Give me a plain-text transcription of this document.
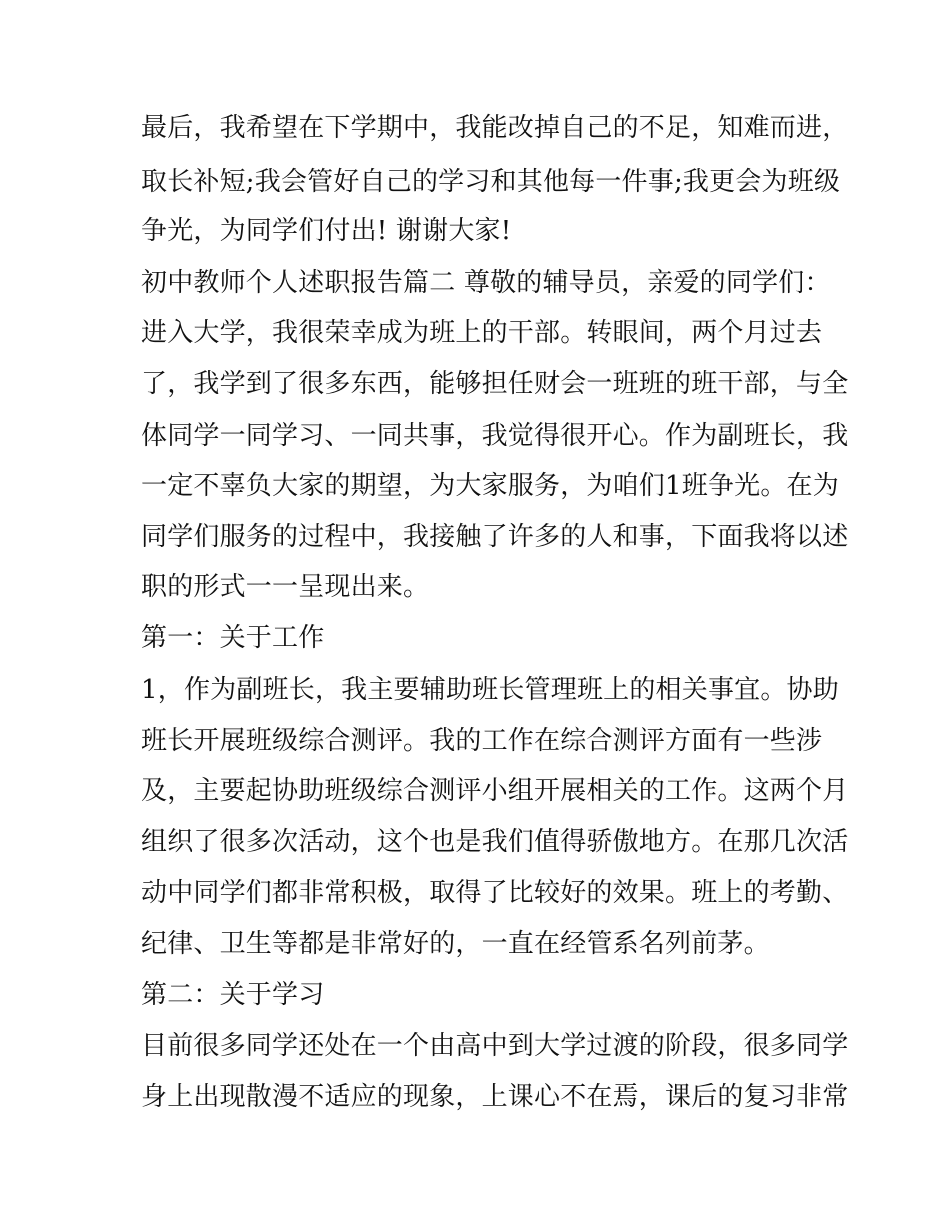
最后，我希望在下学期中，我能改掉自己的不足，知难而进，
取长补短;我会管好自己的学习和其他每一件事;我更会为班级
争光，为同学们付出! 谢谢大家!
初中教师个人述职报告篇二 尊敬的辅导员，亲爱的同学们：
进入大学，我很荣幸成为班上的干部。转眼间，两个月过去
了，我学到了很多东西，能够担任财会一班班的班干部，与全
体同学一同学习、一同共事，我觉得很开心。作为副班长，我
一定不辜负大家的期望，为大家服务，为咱们1班争光。在为
同学们服务的过程中，我接触了许多的人和事，下面我将以述
职的形式一一呈现出来。
第一：关于工作
1，作为副班长，我主要辅助班长管理班上的相关事宜。协助
班长开展班级综合测评。我的工作在综合测评方面有一些涉
及，主要起协助班级综合测评小组开展相关的工作。这两个月
组织了很多次活动，这个也是我们值得骄傲地方。在那几次活
动中同学们都非常积极，取得了比较好的效果。班上的考勤、
纪律、卫生等都是非常好的，一直在经管系名列前茅。
第二：关于学习
目前很多同学还处在一个由高中到大学过渡的阶段，很多同学
身上出现散漫不适应的现象，上课心不在焉，课后的复习非常
